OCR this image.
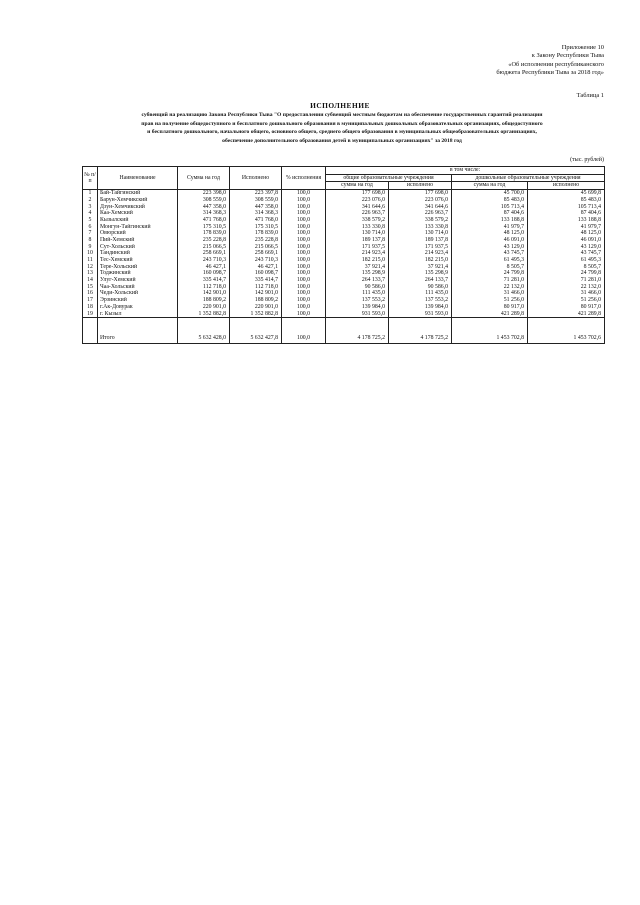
Приложение 10
к Закону Республики Тыва
«Об исполнении республиканского
бюджета Республики Тыва за 2018 год»
Таблица 1
ИСПОЛНЕНИЕ
субвенций на реализацию Закона Республики Тыва "О предоставлении субвенций местным бюджетам на обеспечение государственных гарантий реализации
прав на получение общедоступного и бесплатного дошкольного образования в муниципальных дошкольных образовательных организациях, общедоступного
и бесплатного дошкольного, начального общего, основного общего, среднего общего образования в муниципальных общеобразовательных организациях,
обеспечение дополнительного образования детей в муниципальных организациях" за 2018 год
(тыс. рублей)
№ п/п	Наименование	Сумма на год	Исполнено	% исполнения	в том числе:			
					общие образовательные учреждения		дошкольные образовательные учреждения	
					сумма на год	исполнено	сумма на год	исполнено
1	Бай-Тайгинский	223 398,0	223 397,8	100,0	177 698,0	177 698,0	45 700,0	45 699,8
2	Барун-Хемчикский	308 559,0	308 559,0	100,0	223 076,0	223 076,0	85 483,0	85 483,0
3	Дзун-Хемчикский	447 358,0	447 358,0	100,0	341 644,6	341 644,6	105 713,4	105 713,4
4	Каа-Хемский	314 368,3	314 368,3	100,0	226 963,7	226 963,7	87 404,6	87 404,6
5	Кызылский	471 768,0	471 768,0	100,0	338 579,2	338 579,2	133 188,8	133 188,8
6	Монгун-Тайгинский	175 310,5	175 310,5	100,0	133 330,8	133 330,8	41 979,7	41 979,7
7	Овюрский	178 839,0	178 839,0	100,0	130 714,0	130 714,0	48 125,0	48 125,0
8	Пий-Хемский	235 228,8	235 228,8	100,0	189 137,8	189 137,8	46 091,0	46 091,0
9	Сут-Хольский	215 066,5	215 066,5	100,0	171 937,5	171 937,5	43 129,0	43 129,0
10	Тандинский	258 669,1	258 669,1	100,0	214 923,4	214 923,4	43 745,7	43 745,7
11	Тес-Хемский	243 710,3	243 710,3	100,0	182 215,0	182 215,0	61 495,3	61 495,3
12	Тере-Хольский	46 427,1	46 427,1	100,0	37 921,4	37 921,4	8 505,7	8 505,7
13	Тоджинский	160 098,7	160 098,7	100,0	135 298,9	135 298,9	24 799,8	24 799,8
14	Улуг-Хемский	335 414,7	335 414,7	100,0	264 133,7	264 133,7	71 281,0	71 281,0
15	Чаа-Хольский	112 718,0	112 718,0	100,0	90 586,0	90 586,0	22 132,0	22 132,0
16	Чеди-Хольский	142 901,0	142 901,0	100,0	111 435,0	111 435,0	31 466,0	31 466,0
17	Эрзинский	188 809,2	188 809,2	100,0	137 553,2	137 553,2	51 256,0	51 256,0
18	г.Ак-Довурак	220 901,0	220 901,0	100,0	139 984,0	139 984,0	80 917,0	80 917,0
19	г. Кызыл	1 352 882,8	1 352 882,8	100,0	931 593,0	931 593,0	421 289,8	421 289,8

	Итого	5 632 428,0	5 632 427,8	100,0	4 178 725,2	4 178 725,2	1 453 702,8	1 453 702,6
